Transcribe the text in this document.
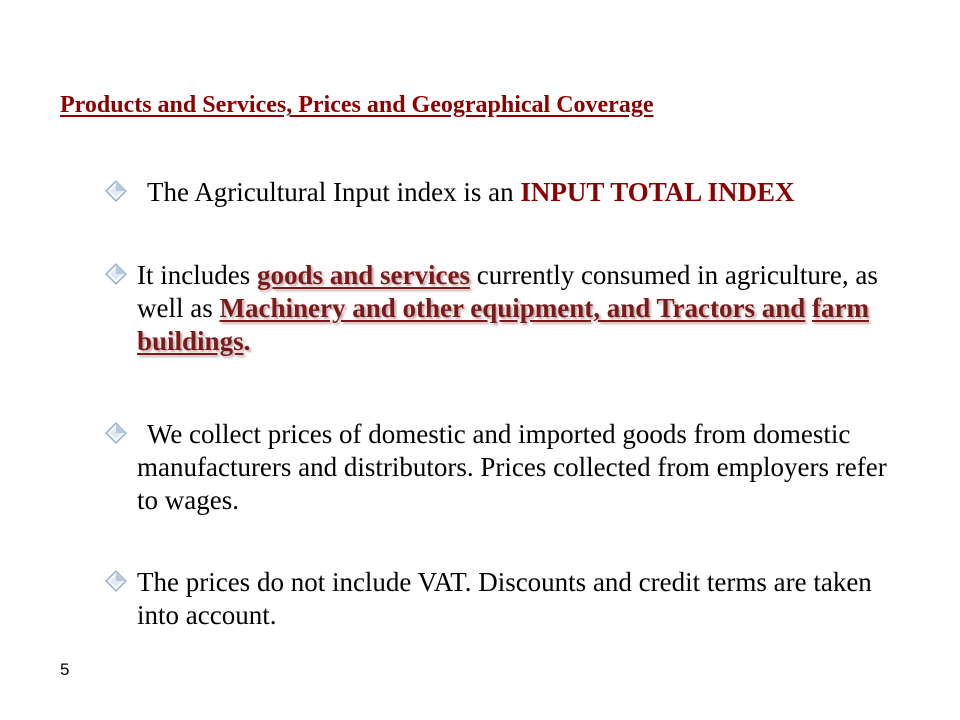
Products and Services, Prices and Geographical Coverage
The Agricultural Input index is an INPUT TOTAL INDEX
It includes goods and services currently consumed in agriculture, as well as Machinery and other equipment, and Tractors and farm buildings.
We collect prices of domestic and imported goods from domestic manufacturers and distributors. Prices collected from employers refer to wages.
The prices do not include VAT. Discounts and credit terms are taken into account.
5
